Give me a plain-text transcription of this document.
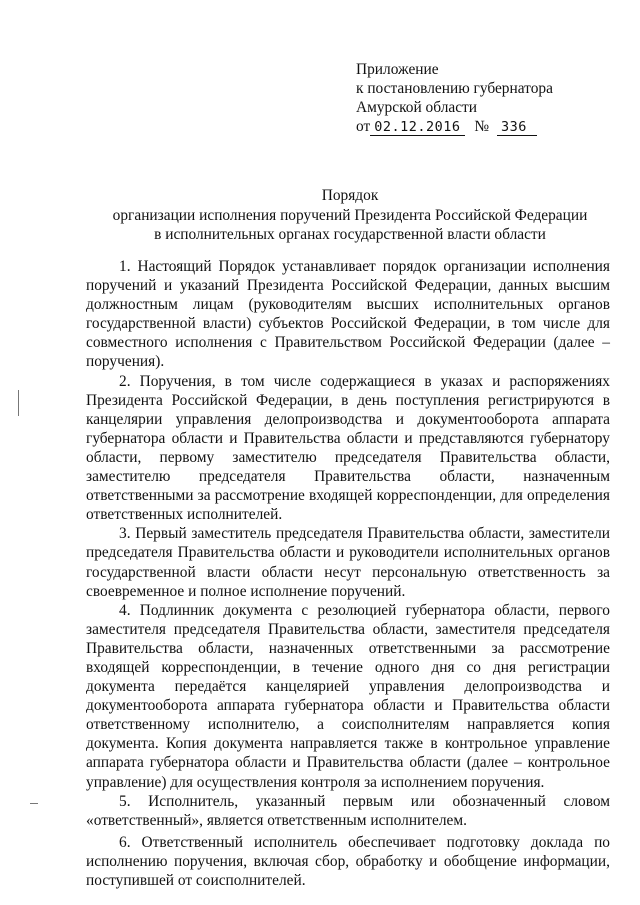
Приложение
к постановлению губернатора
Амурской области
от 02.12.2016 № 336
Порядок
организации исполнения поручений Президента Российской Федерации
в исполнительных органах государственной власти области

1. Настоящий Порядок устанавливает порядок организации исполнения поручений и указаний Президента Российской Федерации, данных высшим должностным лицам (руководителям высших исполнительных органов государственной власти) субъектов Российской Федерации, в том числе для совместного исполнения с Правительством Российской Федерации (далее – поручения).

2. Поручения, в том числе содержащиеся в указах и распоряжениях Президента Российской Федерации, в день поступления регистрируются в канцелярии управления делопроизводства и документооборота аппарата губернатора области и Правительства области и представляются губернатору области, первому заместителю председателя Правительства области, заместителю председателя Правительства области, назначенным ответственными за рассмотрение входящей корреспонденции, для определения ответственных исполнителей.

3. Первый заместитель председателя Правительства области, заместители председателя Правительства области и руководители исполнительных органов государственной власти области несут персональную ответственность за своевременное и полное исполнение поручений.

4. Подлинник документа с резолюцией губернатора области, первого заместителя председателя Правительства области, заместителя председателя Правительства области, назначенных ответственными за рассмотрение входящей корреспонденции, в течение одного дня со дня регистрации документа передаётся канцелярией управления делопроизводства и документооборота аппарата губернатора области и Правительства области ответственному исполнителю, а соисполнителям направляется копия документа. Копия документа направляется также в контрольное управление аппарата губернатора области и Правительства области (далее – контрольное управление) для осуществления контроля за исполнением поручения.

5. Исполнитель, указанный первым или обозначенный словом «ответственный», является ответственным исполнителем.

6. Ответственный исполнитель обеспечивает подготовку доклада по исполнению поручения, включая сбор, обработку и обобщение информации, поступившей от соисполнителей.
